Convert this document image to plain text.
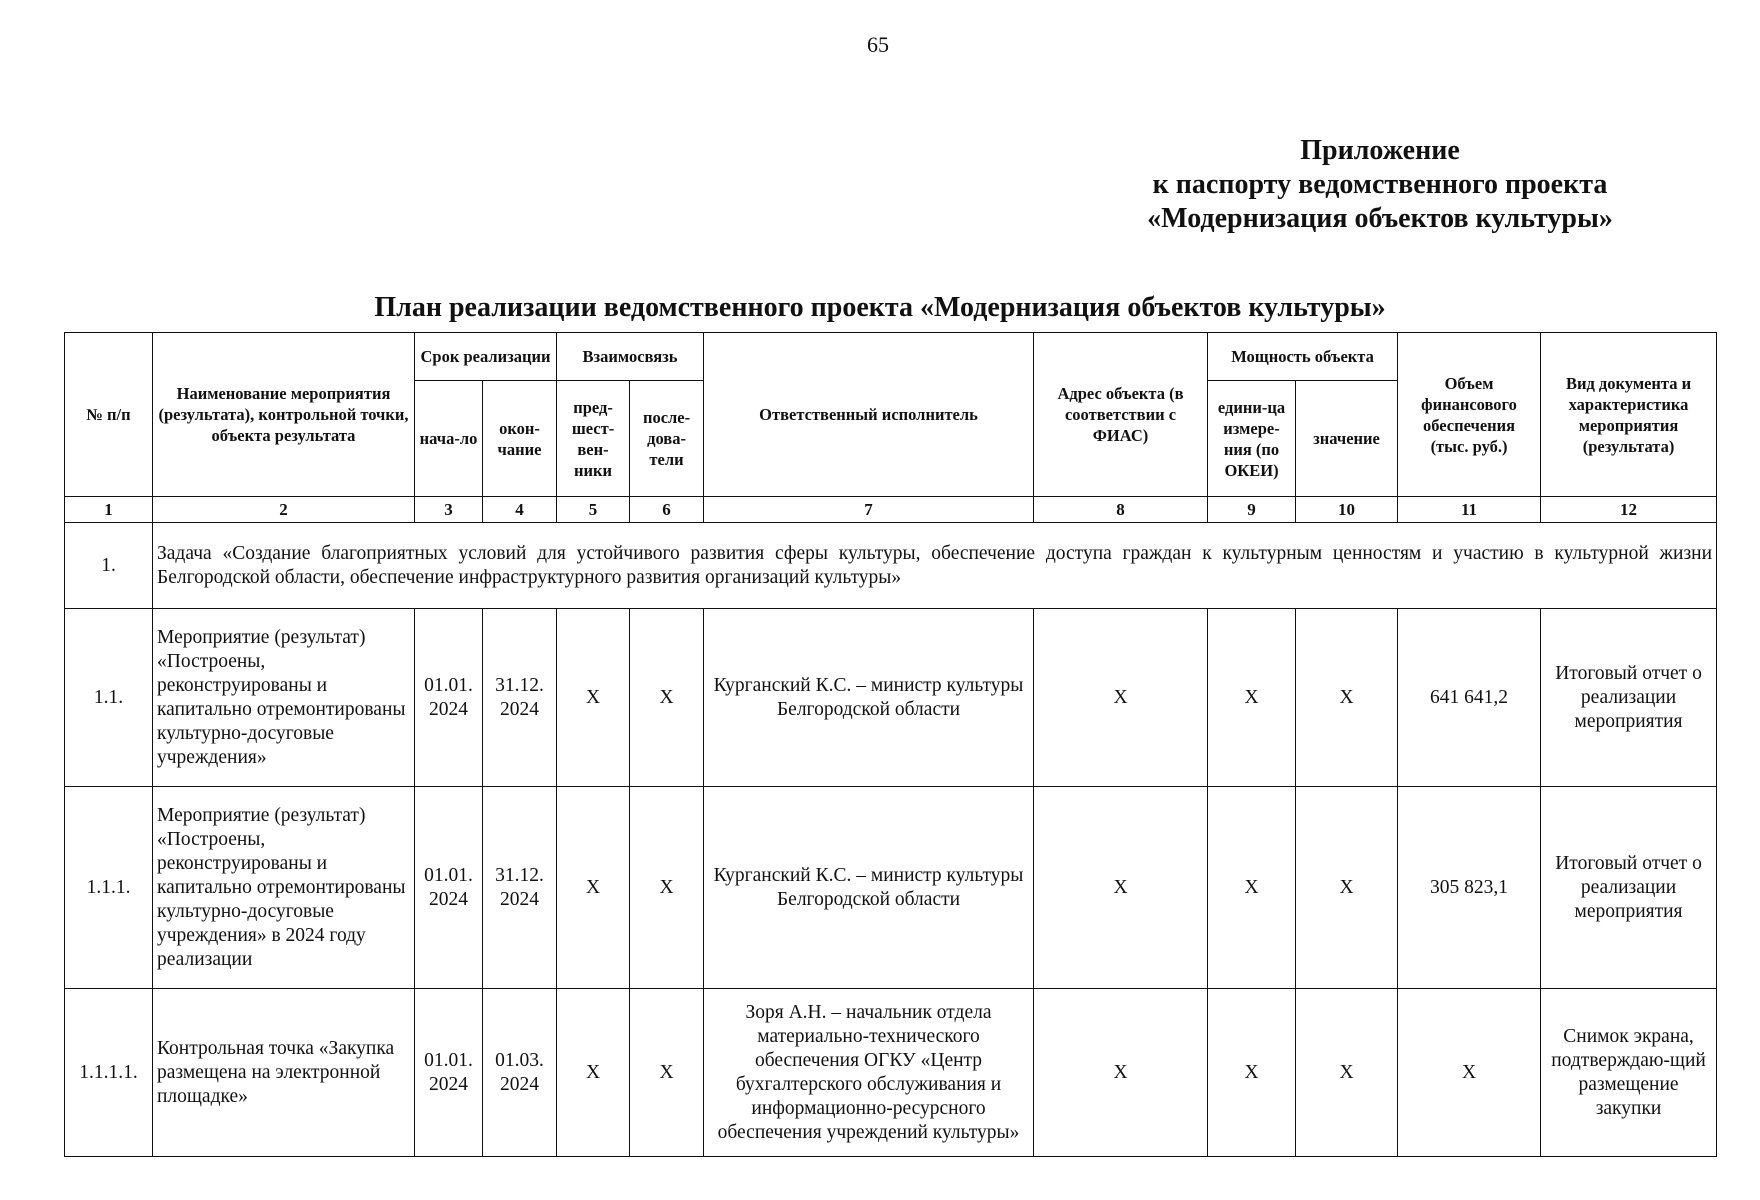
65
Приложение
к паспорту ведомственного проекта
«Модернизация объектов культуры»
План реализации ведомственного проекта «Модернизация объектов культуры»
№ п/п	Наименование мероприятия (результата), контрольной точки, объекта результата	Срок реализации		Взаимосвязь		Ответственный исполнитель	Адрес объекта (в соответствии с ФИАС)	Мощность объекта		Объем финансового обеспечения (тыс. руб.)	Вид документа и характеристика мероприятия (результата)
		нача-ло	окон-чание	пред-шест-вен-ники	после-дова-тели			едини-ца измере-ния (по ОКЕИ)	значение		
1	2	3	4	5	6	7	8	9	10	11	12
1.	Задача «Создание благоприятных условий для устойчивого развития сферы культуры, обеспечение доступа граждан к культурным ценностям и участию в культурной жизни Белгородской области, обеспечение инфраструктурного развития организаций культуры»										
1.1.	Мероприятие (результат) «Построены, реконструированы и капитально отремонтированы культурно-досуговые учреждения»	01.01. 2024	31.12. 2024	X	X	Курганский К.С. – министр культуры Белгородской области	X	X	X	641 641,2	Итоговый отчет о реализации мероприятия
1.1.1.	Мероприятие (результат) «Построены, реконструированы и капитально отремонтированы культурно-досуговые учреждения» в 2024 году реализации	01.01. 2024	31.12. 2024	X	X	Курганский К.С. – министр культуры Белгородской области	X	X	X	305 823,1	Итоговый отчет о реализации мероприятия
1.1.1.1.	Контрольная точка «Закупка размещена на электронной площадке»	01.01. 2024	01.03. 2024	X	X	Зоря А.Н. – начальник отдела материально-технического обеспечения ОГКУ «Центр бухгалтерского обслуживания и информационно-ресурсного обеспечения учреждений культуры»	X	X	X	X	Снимок экрана, подтверждаю-щий размещение закупки
